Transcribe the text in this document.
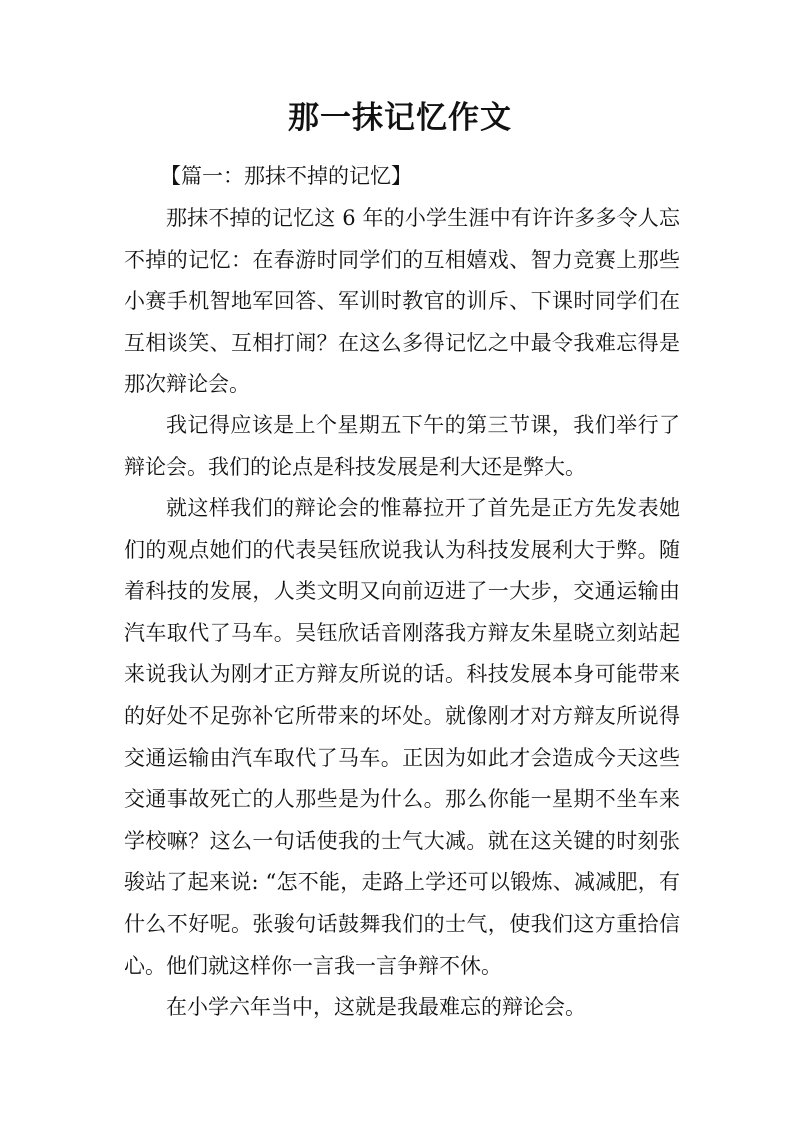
那一抹记忆作文

【篇一：那抹不掉的记忆】

那抹不掉的记忆这 6 年的小学生涯中有许许多多令人忘不掉的记忆：在春游时同学们的互相嬉戏、智力竞赛上那些小赛手机智地军回答、军训时教官的训斥、下课时同学们在互相谈笑、互相打闹？在这么多得记忆之中最令我难忘得是那次辩论会。

我记得应该是上个星期五下午的第三节课，我们举行了辩论会。我们的论点是科技发展是利大还是弊大。

就这样我们的辩论会的惟幕拉开了首先是正方先发表她们的观点她们的代表吴钰欣说我认为科技发展利大于弊。随着科技的发展，人类文明又向前迈进了一大步，交通运输由汽车取代了马车。吴钰欣话音刚落我方辩友朱星晓立刻站起来说我认为刚才正方辩友所说的话。科技发展本身可能带来的好处不足弥补它所带来的坏处。就像刚才对方辩友所说得交通运输由汽车取代了马车。正因为如此才会造成今天这些交通事故死亡的人那些是为什么。那么你能一星期不坐车来学校嘛？这么一句话使我的士气大减。就在这关键的时刻张骏站了起来说: “怎不能，走路上学还可以锻炼、减减肥，有什么不好呢。张骏句话鼓舞我们的士气，使我们这方重拾信心。他们就这样你一言我一言争辩不休。

在小学六年当中，这就是我最难忘的辩论会。
